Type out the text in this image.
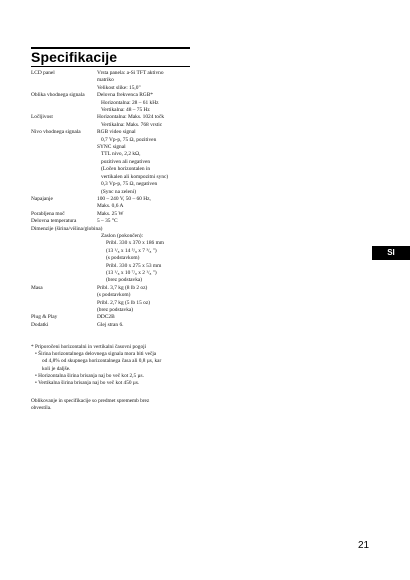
Specifikacije
LCD panel	Vrsta panela: a-Si TFT aktivno
matriko
Velikost slike: 15,0"
Oblika vhodnega signala	Delovna frekvenca RGB*
Horizontalna: 28 – 61 kHz
Vertikalna: 48 – 75 Hz
Ločljivost	Horizontalna: Maks. 1024 točk
Vertikalna: Maks. 768 vrstic
Nivo vhodnega signala	RGB video signal
0,7 Vp-p, 75 Ω, pozitiven
SYNC signal
TTL nivo, 2,2 kΩ,
pozitiven ali negativen
(Ločen horizontalen in
vertikalen ali kompozitni sync)
0,3 Vp-p, 75 Ω, negativen
(Sync na zeleni)
Napajanje	100 – 240 V, 50 – 60 Hz,
Maks. 0,6 A
Porabljena moč	Maks. 25 W
Delovna temperatura	5 – 35 °C
Dimenzije (širina/višina/globina)
Zaslon (pokončen):
Pribl. 330 x 370 x 186 mm
(13 ¹/₈ x 14 ⁵/₈ x 7 ³/₈ ")
(s podstavkom)
Pribl. 330 x 275 x 53 mm
(13 ¹/₈ x 10 ⁷/₈ x 2 ¹/₈ ")
(brez podstavka)
Masa	Pribl. 3,7 kg (8 lb 2 oz)
(s podstavkom)
Pribl. 2,7 kg (5 lb 15 oz)
(brez podstavka)
Plug & Play	DDC2B
Dodatki	Glej stran 6.
* Priporočeni horizontalni in vertikalni časovni pogoji
• Širina horizontalnega delovnega signala mora biti večja
od 4,8% od skupnega horizontalnega časa ali 0,8 µs, kar
koli je daljše.
• Horizontalna širina brisanja naj bo več kot 2,5 µs.
• Vertikalna širina brisanja naj bo več kot 450 µs.
Oblikovanje in specifikacije so predmet sprememb brez
obvestila.
SI
21
